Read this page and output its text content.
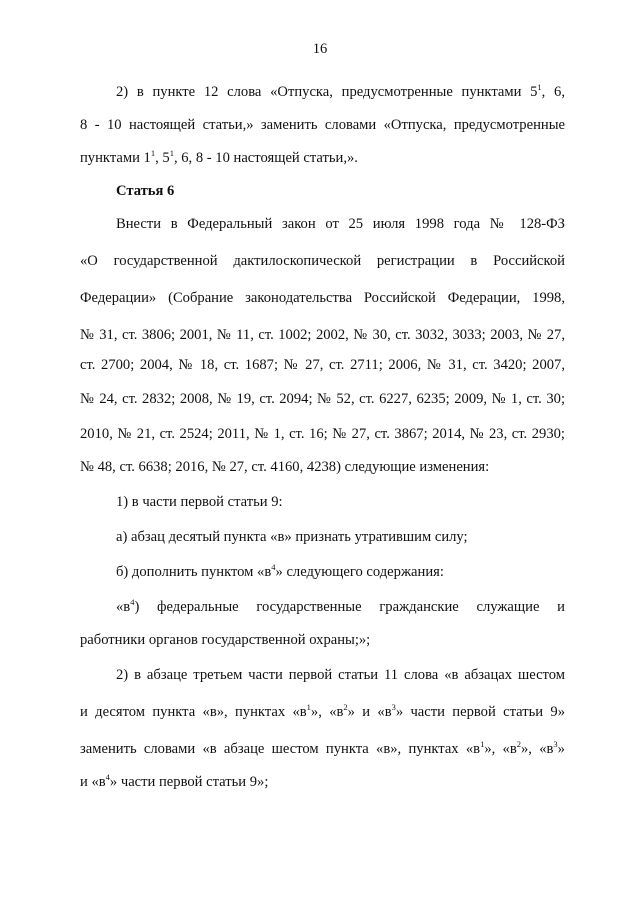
16
2) в пункте 12 слова «Отпуска, предусмотренные пунктами $5^1$, 6,
8 - 10 настоящей статьи,» заменить словами «Отпуска, предусмотренные
пунктами $1^1$, $5^1$, 6, 8 - 10 настоящей статьи,».
Статья 6
Внести в Федеральный закон от 25 июля 1998 года № 128-ФЗ
«О государственной дактилоскопической регистрации в Российской
Федерации» (Собрание законодательства Российской Федерации, 1998,
№ 31, ст. 3806; 2001, № 11, ст. 1002; 2002, № 30, ст. 3032, 3033; 2003, № 27,
ст. 2700; 2004, № 18, ст. 1687; № 27, ст. 2711; 2006, № 31, ст. 3420; 2007,
№ 24, ст. 2832; 2008, № 19, ст. 2094; № 52, ст. 6227, 6235; 2009, № 1, ст. 30;
2010, № 21, ст. 2524; 2011, № 1, ст. 16; № 27, ст. 3867; 2014, № 23, ст. 2930;
№ 48, ст. 6638; 2016, № 27, ст. 4160, 4238) следующие изменения:
1) в части первой статьи 9:
а) абзац десятый пункта «в» признать утратившим силу;
б) дополнить пунктом «$в^4$» следующего содержания:
«$в^4$) федеральные государственные гражданские служащие и
работники органов государственной охраны;»;
2) в абзаце третьем части первой статьи 11 слова «в абзацах шестом
и десятом пункта «в», пунктах «$в^1$», «$в^2$» и «$в^3$» части первой статьи 9»
заменить словами «в абзаце шестом пункта «в», пунктах «$в^1$», «$в^2$», «$в^3$»
и «$в^4$» части первой статьи 9»;
